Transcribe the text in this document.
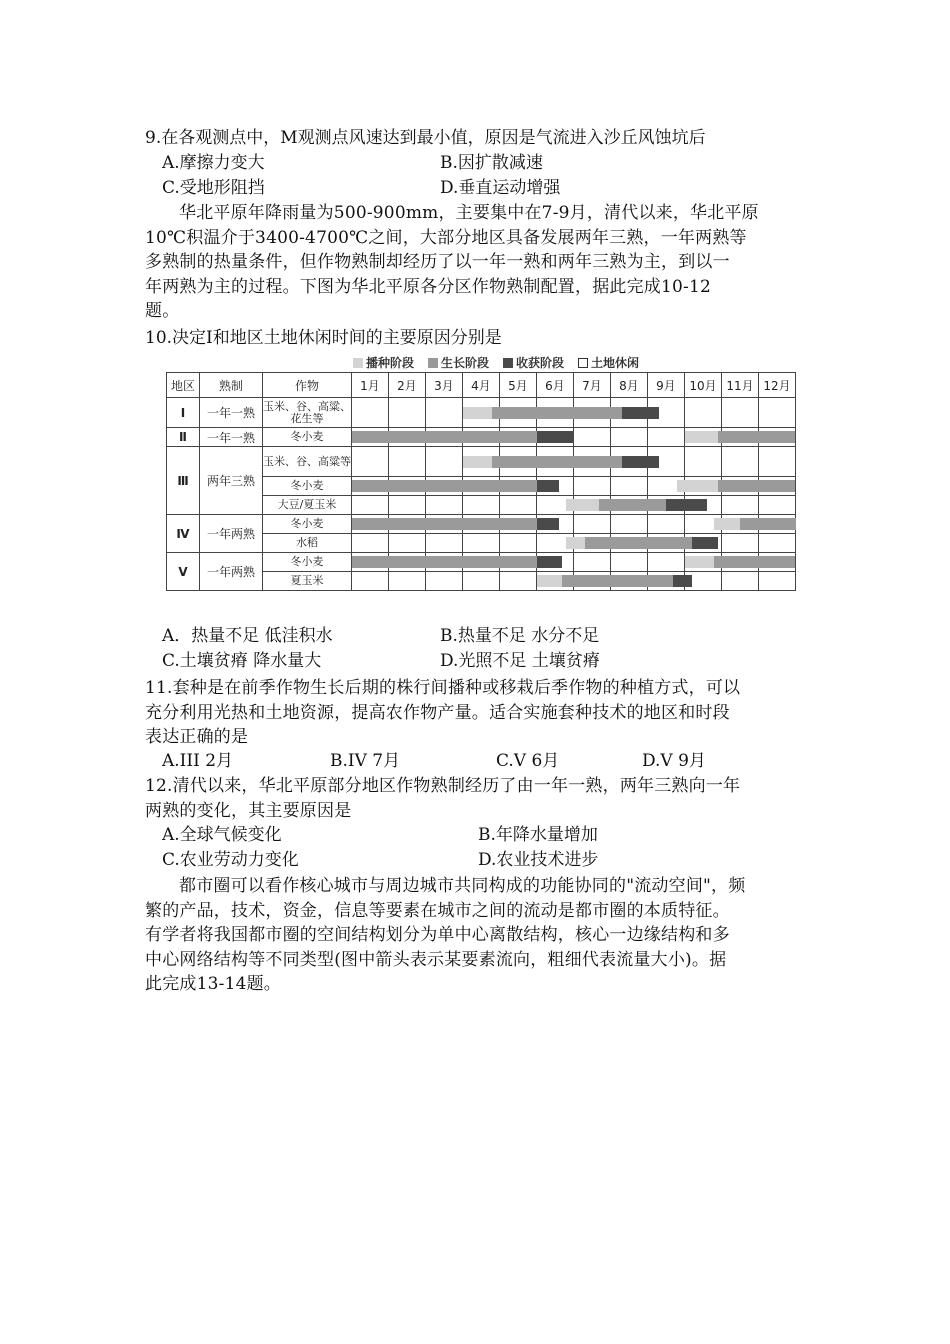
9.在各观测点中，M观测点风速达到最小值，原因是气流进入沙丘风蚀坑后
A.摩擦力变大	B.因扩散减速
C.受地形阻挡	D.垂直运动增强

华北平原年降雨量为500-900mm，主要集中在7-9月，清代以来，华北平原

10℃积温介于3400-4700℃之间，大部分地区具备发展两年三熟，一年两熟等

多熟制的热量条件，但作物熟制却经历了以一年一熟和两年三熟为主，到以一

年两熟为主的过程。下图为华北平原各分区作物熟制配置，据此完成10-12

题。

10.决定Ⅰ和地区土地休闲时间的主要原因分别是
播种阶段 生长阶段 收获阶段 土地休闲
地区	熟制	作物	1月	2月	3月	4月	5月	6月	7月	8月	9月	10月	11月	12月
Ⅰ	一年一熟	玉米、谷、高粱、花生等												
Ⅱ	一年一熟	冬小麦												
Ⅲ	两年三熟	玉米、谷、高粱等												
		冬小麦												
		大豆/夏玉米												
Ⅳ	一年两熟	冬小麦												
		水稻												
Ⅴ	一年两熟	冬小麦												
		夏玉米												
A．热量不足 低洼积水	B.热量不足 水分不足
C.土壤贫瘠 降水量大	D.光照不足 土壤贫瘠

11.套种是在前季作物生长后期的株行间播种或移栽后季作物的种植方式，可以

充分利用光热和土地资源，提高农作物产量。适合实施套种技术的地区和时段

表达正确的是

A.III 2月	B.IV 7月	C.V 6月	D.V 9月

12.清代以来，华北平原部分地区作物熟制经历了由一年一熟，两年三熟向一年

两熟的变化，其主要原因是

A.全球气候变化	B.年降水量增加
C.农业劳动力变化	D.农业技术进步

都市圈可以看作核心城市与周边城市共同构成的功能协同的"流动空间"，频

繁的产品，技术，资金，信息等要素在城市之间的流动是都市圈的本质特征。

有学者将我国都市圈的空间结构划分为单中心离散结构，核心一边缘结构和多

中心网络结构等不同类型(图中箭头表示某要素流向，粗细代表流量大小)。据

此完成13-14题。
